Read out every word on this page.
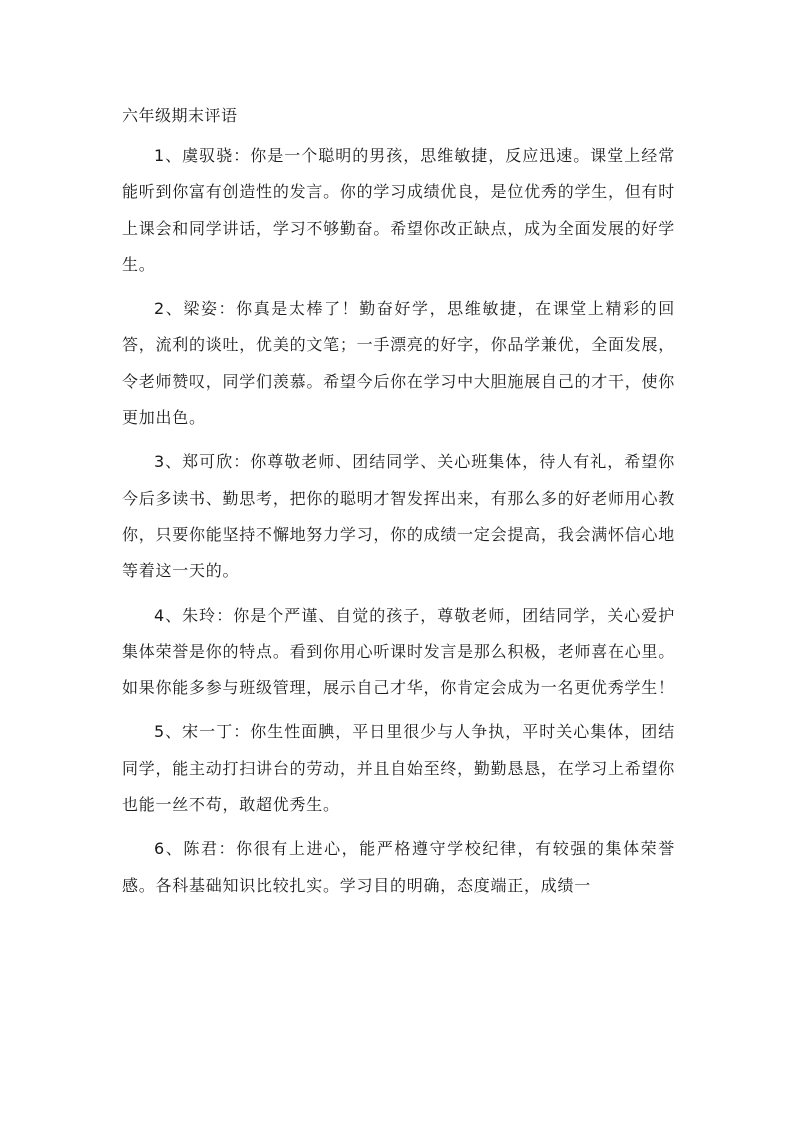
六年级期末评语

1、虞驭骁：你是一个聪明的男孩，思维敏捷，反应迅速。课堂上经常能听到你富有创造性的发言。你的学习成绩优良，是位优秀的学生，但有时上课会和同学讲话，学习不够勤奋。希望你改正缺点，成为全面发展的好学生。

2、梁姿：你真是太棒了！勤奋好学，思维敏捷，在课堂上精彩的回答，流利的谈吐，优美的文笔；一手漂亮的好字，你品学兼优，全面发展，令老师赞叹，同学们羡慕。希望今后你在学习中大胆施展自己的才干，使你更加出色。

3、郑可欣：你尊敬老师、团结同学、关心班集体，待人有礼，希望你今后多读书、勤思考，把你的聪明才智发挥出来，有那么多的好老师用心教你，只要你能坚持不懈地努力学习，你的成绩一定会提高，我会满怀信心地等着这一天的。

4、朱玲：你是个严谨、自觉的孩子，尊敬老师，团结同学，关心爱护集体荣誉是你的特点。看到你用心听课时发言是那么积极，老师喜在心里。如果你能多参与班级管理，展示自己才华，你肯定会成为一名更优秀学生！

5、宋一丁：你生性面腆，平日里很少与人争执，平时关心集体，团结同学，能主动打扫讲台的劳动，并且自始至终，勤勤恳恳，在学习上希望你也能一丝不苟，敢超优秀生。

6、陈君：你很有上进心，能严格遵守学校纪律，有较强的集体荣誉感。各科基础知识比较扎实。学习目的明确，态度端正，成绩一
